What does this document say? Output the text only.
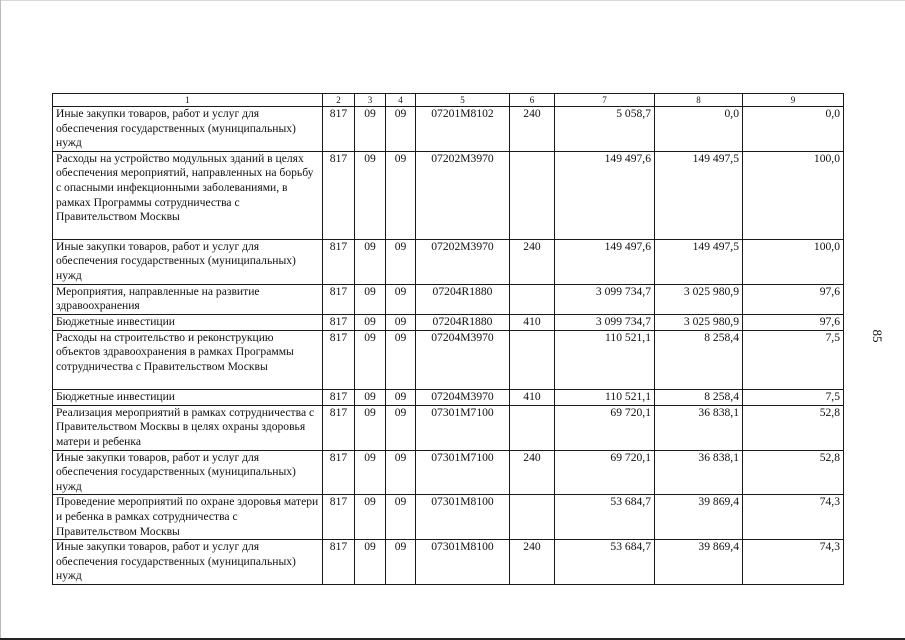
85
1	2	3	4	5	6	7	8	9
Иные закупки товаров, работ и услуг для обеспечения государственных (муниципальных) нужд	817	09	09	07201M8102	240	5 058,7	0,0	0,0
Расходы на устройство модульных зданий в целях обеспечения мероприятий, направленных на борьбу с опасными инфекционными заболеваниями, в рамках Программы сотрудничества с Правительством Москвы	817	09	09	07202M3970		149 497,6	149 497,5	100,0
Иные закупки товаров, работ и услуг для обеспечения государственных (муниципальных) нужд	817	09	09	07202M3970	240	149 497,6	149 497,5	100,0
Мероприятия, направленные на развитие здравоохранения	817	09	09	07204R1880		3 099 734,7	3 025 980,9	97,6
Бюджетные инвестиции	817	09	09	07204R1880	410	3 099 734,7	3 025 980,9	97,6
Расходы на строительство и реконструкцию объектов здравоохранения в рамках Программы сотрудничества с Правительством Москвы	817	09	09	07204M3970		110 521,1	8 258,4	7,5
Бюджетные инвестиции	817	09	09	07204M3970	410	110 521,1	8 258,4	7,5
Реализация мероприятий в рамках сотрудничества с Правительством Москвы в целях охраны здоровья матери и ребенка	817	09	09	07301M7100		69 720,1	36 838,1	52,8
Иные закупки товаров, работ и услуг для обеспечения государственных (муниципальных) нужд	817	09	09	07301M7100	240	69 720,1	36 838,1	52,8
Проведение мероприятий по охране здоровья матери и ребенка в рамках сотрудничества с Правительством Москвы	817	09	09	07301M8100		53 684,7	39 869,4	74,3
Иные закупки товаров, работ и услуг для обеспечения государственных (муниципальных) нужд	817	09	09	07301M8100	240	53 684,7	39 869,4	74,3
